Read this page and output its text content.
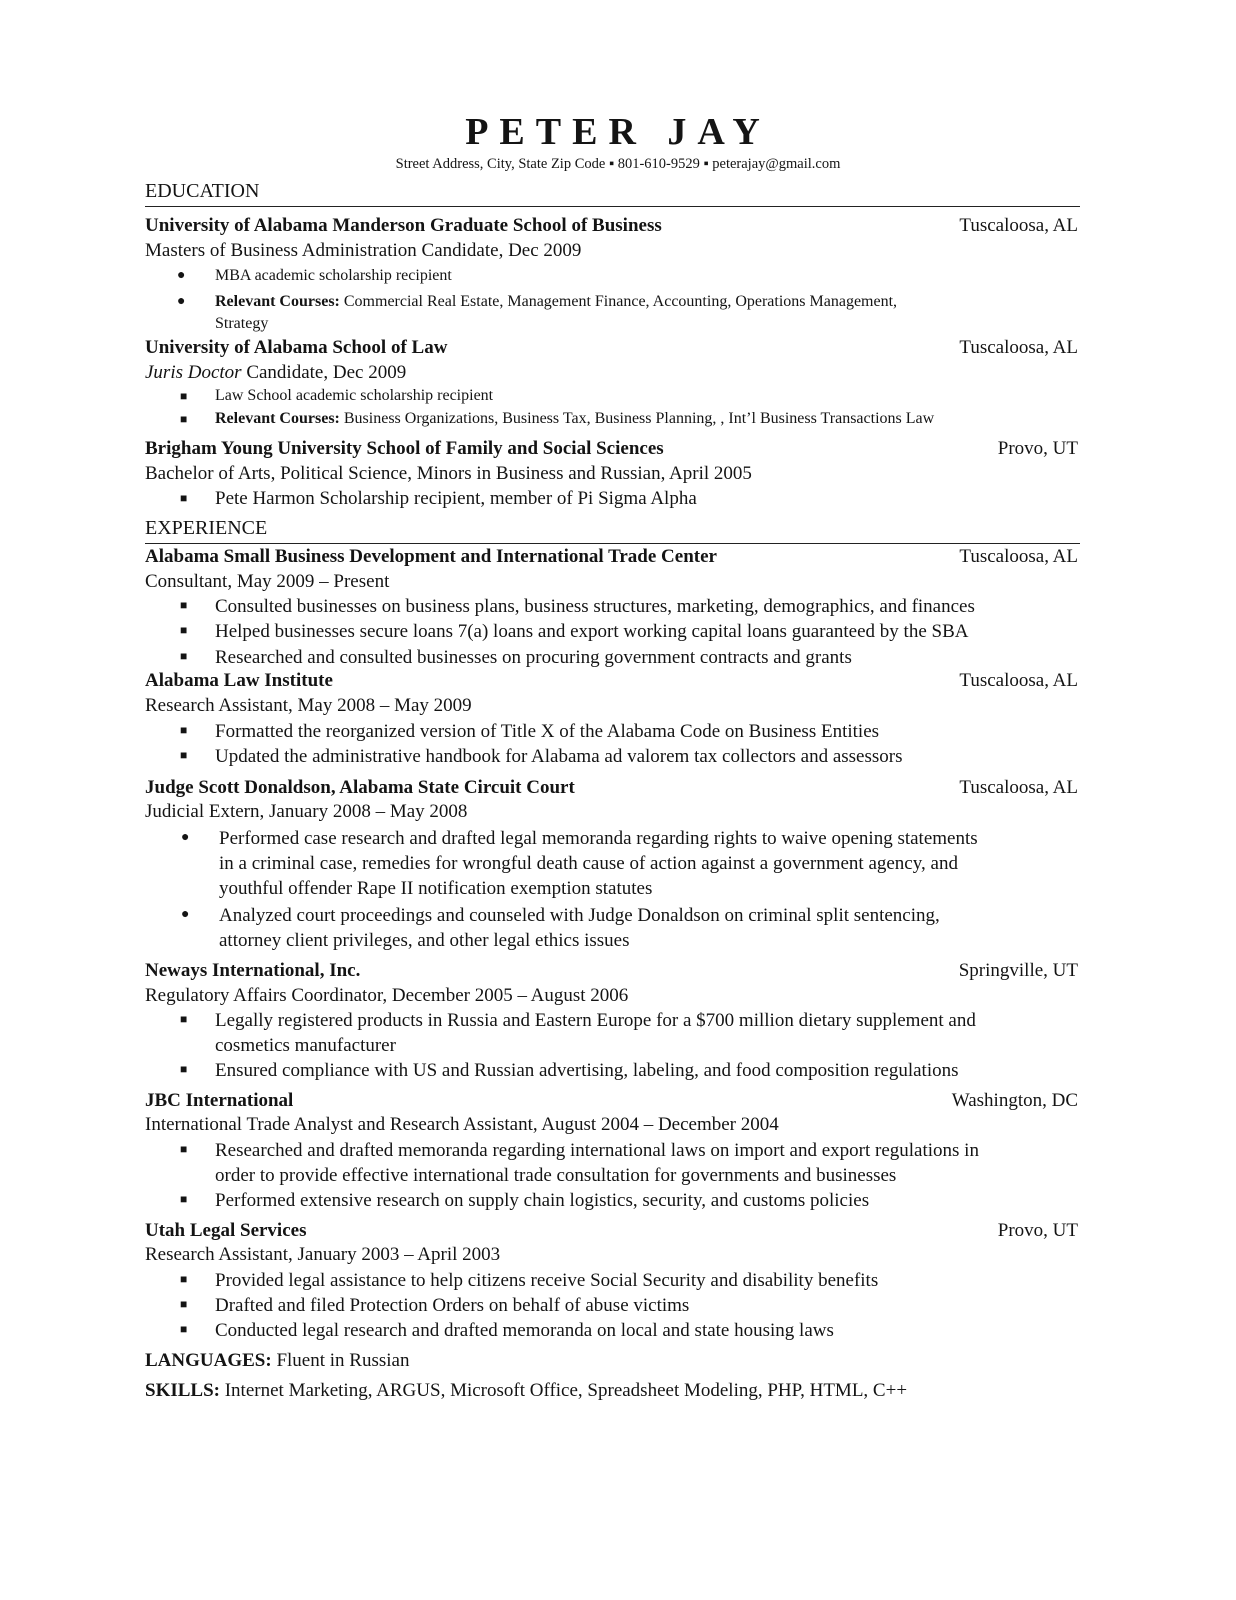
PETER JAY
Street Address, City, State Zip Code ▪ 801-610-9529 ▪ peterajay@gmail.com
EDUCATION
University of Alabama Manderson Graduate School of Business	Tuscaloosa, AL
Masters of Business Administration Candidate, Dec 2009
● MBA academic scholarship recipient
● Relevant Courses: Commercial Real Estate, Management Finance, Accounting, Operations Management,
Strategy
University of Alabama School of Law	Tuscaloosa, AL
Juris Doctor Candidate, Dec 2009
■ Law School academic scholarship recipient
■ Relevant Courses: Business Organizations, Business Tax, Business Planning, , Int’l Business Transactions Law
Brigham Young University School of Family and Social Sciences	Provo, UT
Bachelor of Arts, Political Science, Minors in Business and Russian, April 2005
■ Pete Harmon Scholarship recipient, member of Pi Sigma Alpha
EXPERIENCE
Alabama Small Business Development and International Trade Center	Tuscaloosa, AL
Consultant, May 2009 – Present
■ Consulted businesses on business plans, business structures, marketing, demographics, and finances
■ Helped businesses secure loans 7(a) loans and export working capital loans guaranteed by the SBA
■ Researched and consulted businesses on procuring government contracts and grants
Alabama Law Institute	Tuscaloosa, AL
Research Assistant, May 2008 – May 2009
■ Formatted the reorganized version of Title X of the Alabama Code on Business Entities
■ Updated the administrative handbook for Alabama ad valorem tax collectors and assessors
Judge Scott Donaldson, Alabama State Circuit Court	Tuscaloosa, AL
Judicial Extern, January 2008 – May 2008
● Performed case research and drafted legal memoranda regarding rights to waive opening statements
in a criminal case, remedies for wrongful death cause of action against a government agency, and
youthful offender Rape II notification exemption statutes
● Analyzed court proceedings and counseled with Judge Donaldson on criminal split sentencing,
attorney client privileges, and other legal ethics issues
Neways International, Inc.	Springville, UT
Regulatory Affairs Coordinator, December 2005 – August 2006
■ Legally registered products in Russia and Eastern Europe for a $700 million dietary supplement and
cosmetics manufacturer
■ Ensured compliance with US and Russian advertising, labeling, and food composition regulations
JBC International	Washington, DC
International Trade Analyst and Research Assistant, August 2004 – December 2004
■ Researched and drafted memoranda regarding international laws on import and export regulations in
order to provide effective international trade consultation for governments and businesses
■ Performed extensive research on supply chain logistics, security, and customs policies
Utah Legal Services	Provo, UT
Research Assistant, January 2003 – April 2003
■ Provided legal assistance to help citizens receive Social Security and disability benefits
■ Drafted and filed Protection Orders on behalf of abuse victims
■ Conducted legal research and drafted memoranda on local and state housing laws
LANGUAGES: Fluent in Russian
SKILLS: Internet Marketing, ARGUS, Microsoft Office, Spreadsheet Modeling, PHP, HTML, C++
